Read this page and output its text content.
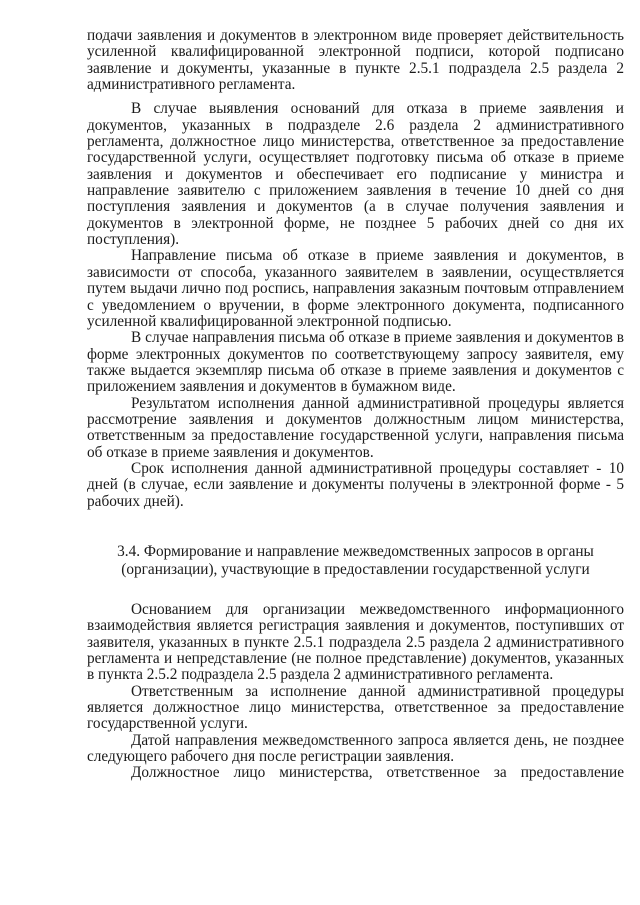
подачи заявления и документов в электронном виде проверяет действительность усиленной квалифицированной электронной подписи, которой подписано заявление и документы, указанные в пункте 2.5.1 подраздела 2.5 раздела 2 административного регламента.

В случае выявления оснований для отказа в приеме заявления и документов, указанных в подразделе 2.6 раздела 2 административного регламента, должностное лицо министерства, ответственное за предоставление государственной услуги, осуществляет подготовку письма об отказе в приеме заявления и документов и обеспечивает его подписание у министра и направление заявителю с приложением заявления в течение 10 дней со дня поступления заявления и документов (а в случае получения заявления и документов в электронной форме, не позднее 5 рабочих дней со дня их поступления).

Направление письма об отказе в приеме заявления и документов, в зависимости от способа, указанного заявителем в заявлении, осуществляется путем выдачи лично под роспись, направления заказным почтовым отправлением с уведомлением о вручении, в форме электронного документа, подписанного усиленной квалифицированной электронной подписью.

В случае направления письма об отказе в приеме заявления и документов в форме электронных документов по соответствующему запросу заявителя, ему также выдается экземпляр письма об отказе в приеме заявления и документов с приложением заявления и документов в бумажном виде.

Результатом исполнения данной административной процедуры является рассмотрение заявления и документов должностным лицом министерства, ответственным за предоставление государственной услуги, направления письма об отказе в приеме заявления и документов.

Срок исполнения данной административной процедуры составляет - 10 дней (в случае, если заявление и документы получены в электронной форме - 5 рабочих дней).

3.4. Формирование и направление межведомственных запросов в органы (организации), участвующие в предоставлении государственной услуги

Основанием для организации межведомственного информационного взаимодействия является регистрация заявления и документов, поступивших от заявителя, указанных в пункте 2.5.1 подраздела 2.5 раздела 2 административного регламента и непредставление (не полное представление) документов, указанных в пункта 2.5.2 подраздела 2.5 раздела 2 административного регламента.

Ответственным за исполнение данной административной процедуры является должностное лицо министерства, ответственное за предоставление государственной услуги.

Датой направления межведомственного запроса является день, не позднее следующего рабочего дня после регистрации заявления.

Должностное лицо министерства, ответственное за предоставление
